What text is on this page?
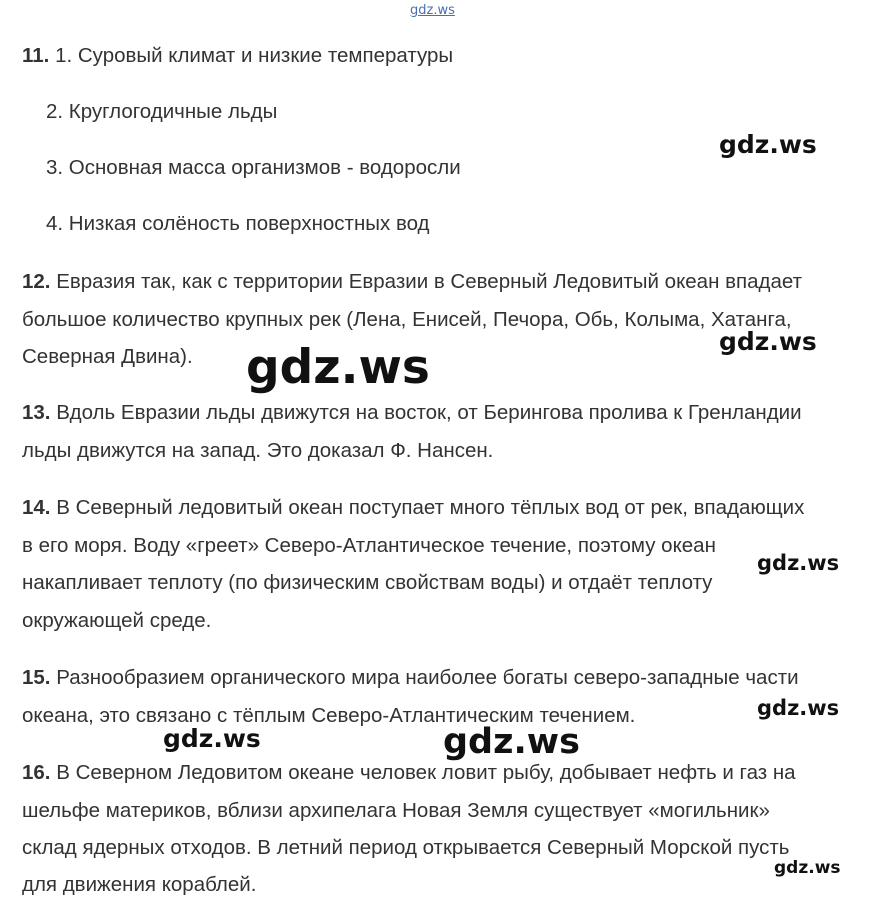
gdz.ws
11. 1. Суровый климат и низкие температуры
2. Круглогодичные льды
3. Основная масса организмов - водоросли
4. Низкая солёность поверхностных вод
12. Евразия так, как с территории Евразии в Северный Ледовитый океан впадает
большое количество крупных рек (Лена, Енисей, Печора, Обь, Колыма, Хатанга,
Северная Двина).
13. Вдоль Евразии льды движутся на восток, от Берингова пролива к Гренландии
льды движутся на запад. Это доказал Ф. Нансен.
14. В Северный ледовитый океан поступает много тёплых вод от рек, впадающих
в его моря. Воду «греет» Северо-Атлантическое течение, поэтому океан
накапливает теплоту (по физическим свойствам воды) и отдаёт теплоту
окружающей среде.
15. Разнообразием органического мира наиболее богаты северо-западные части
океана, это связано с тёплым Северо-Атлантическим течением.
16. В Северном Ледовитом океане человек ловит рыбу, добывает нефть и газ на
шельфе материков, вблизи архипелага Новая Земля существует «могильник»
склад ядерных отходов. В летний период открывается Северный Морской пусть
для движения кораблей.
gdz.ws
gdz.ws
gdz.ws
gdz.ws
gdz.ws
gdz.ws	gdz.ws
gdz.ws
